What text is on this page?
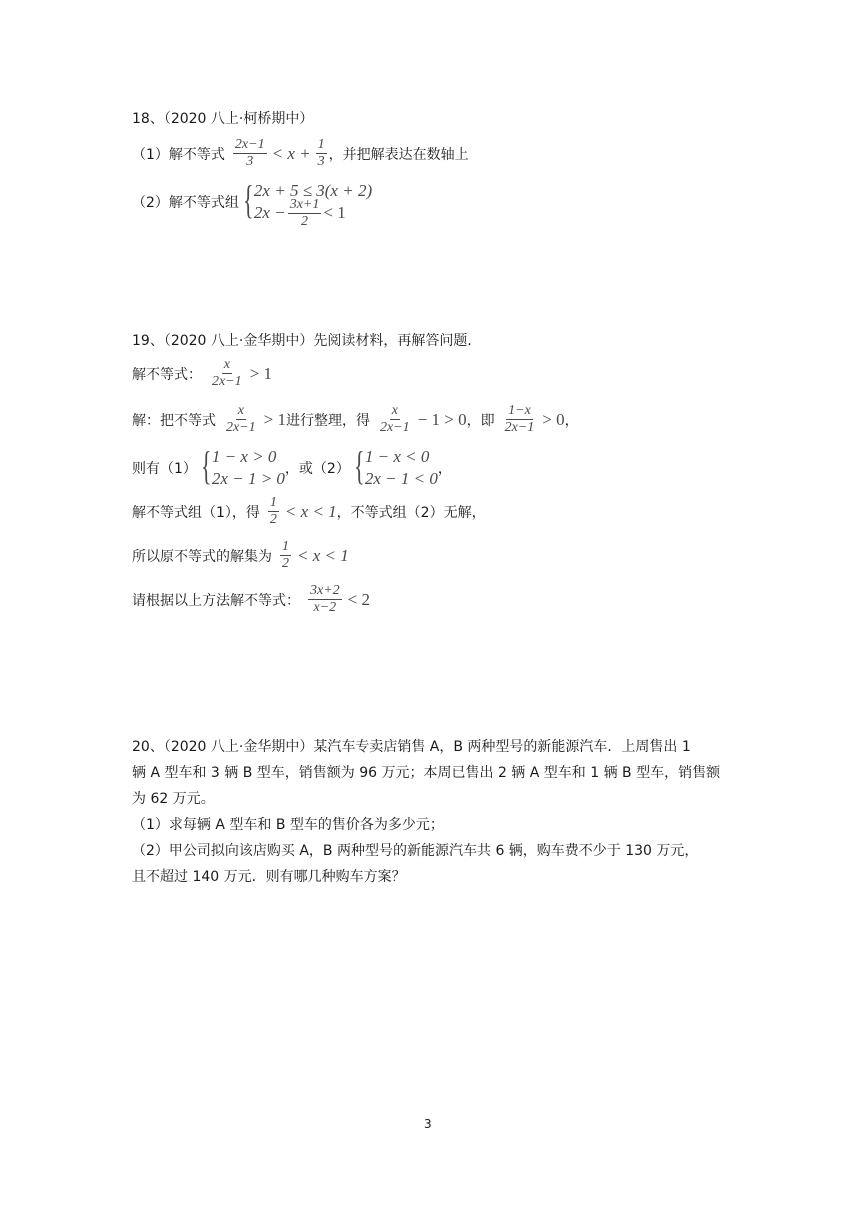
18、（2020 八上·柯桥期中）
（1）解不等式 $\frac{2x-1}{3} < x + \frac{1}{3}$ ，并把解表达在数轴上
（2）解不等式组 { 2x + 5 ≤ 3(x + 2)
$2x - \frac{3x+1}{2} < 1$
19、（2020 八上·金华期中）先阅读材料，再解答问题．
解不等式： $\frac{x}{2x-1} > 1$
解：把不等式 $\frac{x}{2x-1} > 1$ 进行整理，得 $\frac{x}{2x-1} - 1 > 0$ ，即 $\frac{1-x}{2x-1} > 0$ ，
则有（1） { 1 − x > 0
2x − 1 > 0 ，或（2） { 1 − x < 0
2x − 1 < 0 ，
解不等式组（1），得 $\frac{1}{2} < x < 1$ ，不等式组（2）无解，
所以原不等式的解集为 $\frac{1}{2} < x < 1$
请根据以上方法解不等式： $\frac{3x+2}{x-2} < 2$
20、（2020 八上·金华期中）某汽车专卖店销售 A，B 两种型号的新能源汽车．上周售出 1
辆 A 型车和 3 辆 B 型车，销售额为 96 万元；本周已售出 2 辆 A 型车和 1 辆 B 型车，销售额
为 62 万元。
（1）求每辆 A 型车和 B 型车的售价各为多少元；
（2）甲公司拟向该店购买 A，B 两种型号的新能源汽车共 6 辆，购车费不少于 130 万元，
且不超过 140 万元．则有哪几种购车方案？
3
